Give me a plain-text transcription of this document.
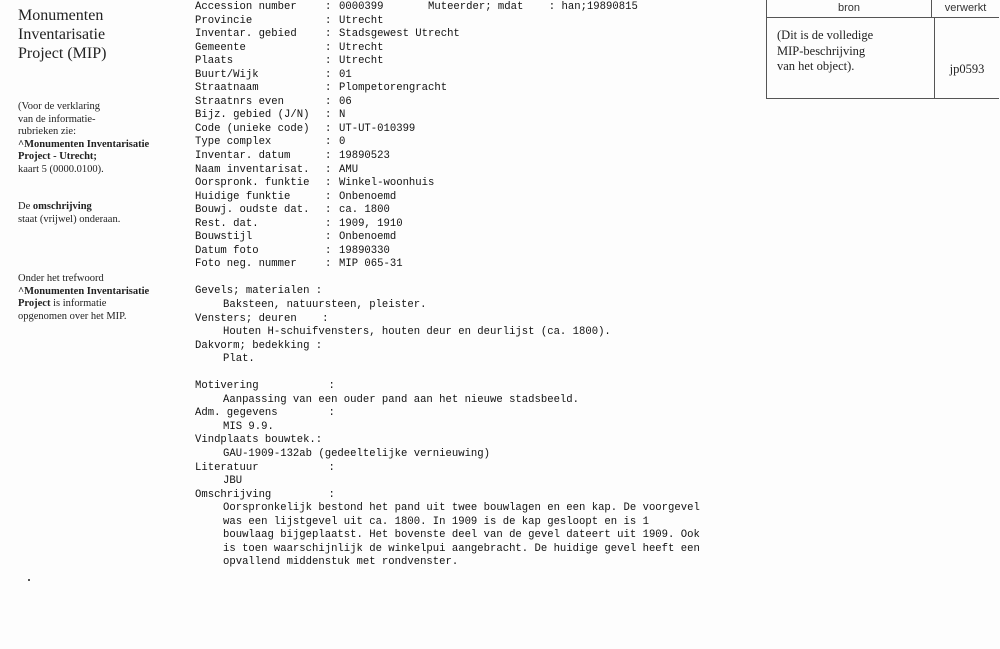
Monumenten

Inventarisatie

Project (MIP)

(Voor de verklaring

van de informatie-

rubrieken zie:

^Monumenten Inventarisatie

Project - Utrecht;

kaart 5 (0000.0100).

De omschrijving

staat (vrijwel) onderaan.

Onder het trefwoord

^Monumenten Inventarisatie

Project is informatie

opgenomen over het MIP.

Accession number	: 0000399	Muteerder; mdat    : han;19890815
Provincie	: Utrecht
Inventar. gebied	: Stadsgewest Utrecht
Gemeente	: Utrecht
Plaats	: Utrecht
Buurt/Wijk	: 01
Straatnaam	: Plompetorengracht
Straatnrs even	: 06
Bijz. gebied (J/N)	: N
Code (unieke code)	: UT-UT-010399
Type complex	: 0
Inventar. datum	: 19890523
Naam inventarisat.	: AMU
Oorspronk. funktie	: Winkel-woonhuis
Huidige funktie	: Onbenoemd
Bouwj. oudste dat.	: ca. 1800
Rest. dat.	: 1909, 1910
Bouwstijl	: Onbenoemd
Datum foto	: 19890330
Foto neg. nummer	: MIP 065-31
Gevels; materialen :
Baksteen, natuursteen, pleister.
Vensters; deuren    :
Houten H-schuifvensters, houten deur en deurlijst (ca. 1800).
Dakvorm; bedekking :
Plat.
Motivering           :
Aanpassing van een ouder pand aan het nieuwe stadsbeeld.
Adm. gegevens        :
MIS 9.9.
Vindplaats bouwtek.:
GAU-1909-132ab (gedeeltelijke vernieuwing)
Literatuur           :
JBU
Omschrijving         :
Oorspronkelijk bestond het pand uit twee bouwlagen en een kap. De voorgevel
was een lijstgevel uit ca. 1800. In 1909 is de kap gesloopt en is 1
bouwlaag bijgeplaatst. Het bovenste deel van de gevel dateert uit 1909. Ook
is toen waarschijnlijk de winkelpui aangebracht. De huidige gevel heeft een
opvallend middenstuk met rondvenster.
bron	verwerkt
(Dit is de volledige
MIP-beschrijving
van het object).	jp0593
